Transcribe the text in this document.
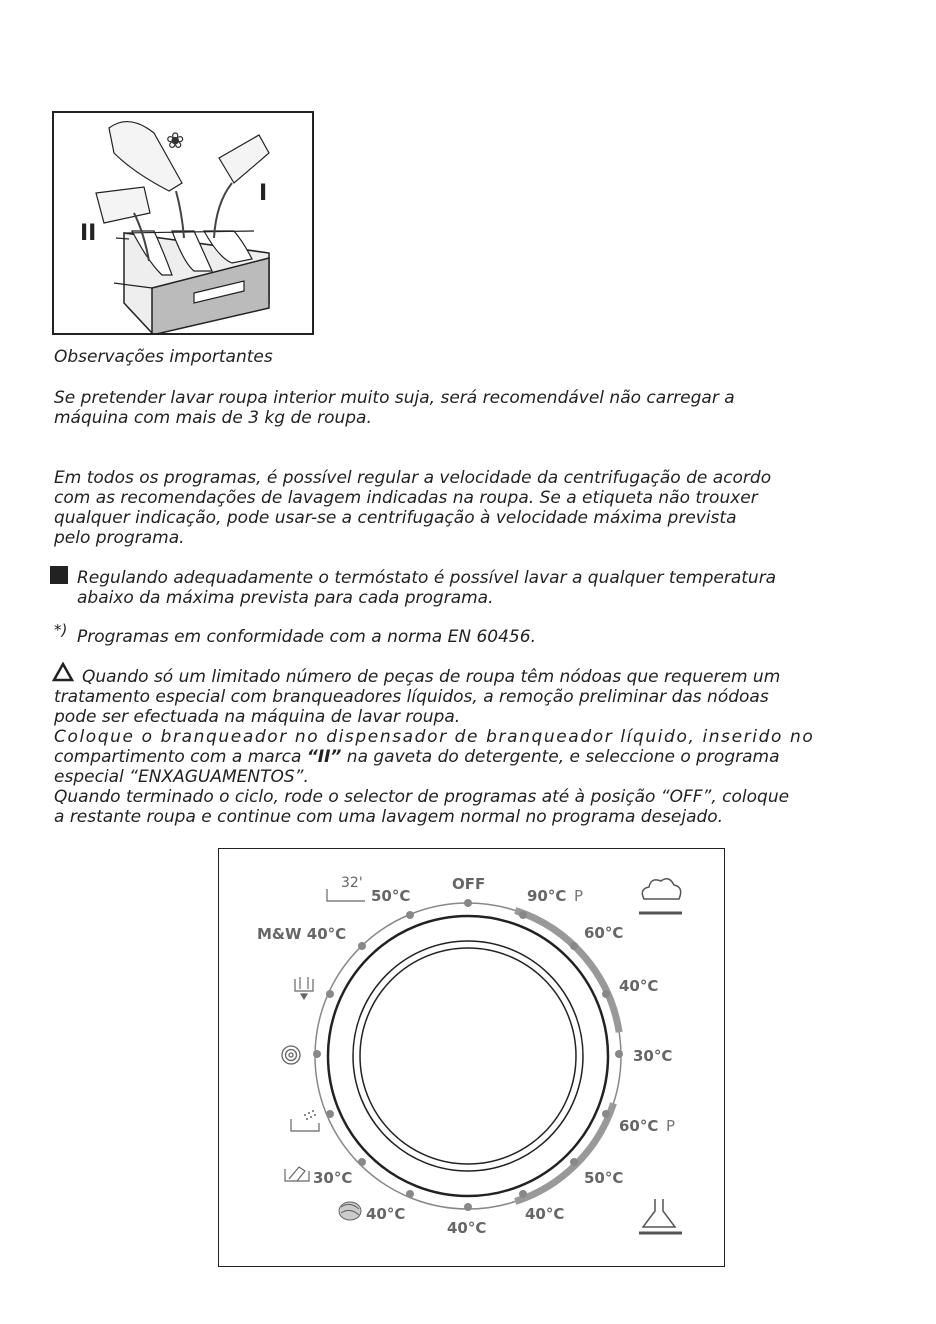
❀
I
II
Observações importantes
Se pretender lavar roupa interior muito suja, será recomendável não carregar a
máquina com mais de 3 kg de roupa.
Em todos os programas, é possível regular a velocidade da centrifugação de acordo
com as recomendações de lavagem indicadas na roupa. Se a etiqueta não trouxer
qualquer indicação, pode usar-se a centrifugação à velocidade máxima prevista
pelo programa.
Regulando adequadamente o termóstato é possível lavar a qualquer temperatura
abaixo da máxima prevista para cada programa.
*) Programas em conformidade com a norma EN 60456.
Quando só um limitado número de peças de roupa têm nódoas que requerem um
tratamento especial com branqueadores líquidos, a remoção preliminar das nódoas
pode ser efectuada na máquina de lavar roupa.
Coloque o branqueador no dispensador de branqueador líquido, inserido no
compartimento com a marca “II” na gaveta do detergente, e seleccione o programa
especial “ENXAGUAMENTOS”.
Quando terminado o ciclo, rode o selector de programas até à posição “OFF”, coloque
a restante roupa e continue com uma lavagem normal no programa desejado.
OFF
50°C	90°C P
60°C
40°C
30°C
60°C P
50°C
40°C
40°C
40°C
30°C
M&W 40°C
32'
